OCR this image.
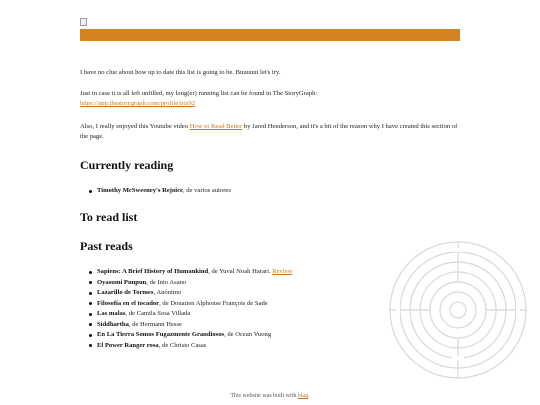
I have no clue about how up to date this list is going to be. Buuuuut let's try.
Just in case it is all left unfilled, my long(er) running list can be found in The StoryGraph:
https://app.thestorygraph.com/profile/iris92
Also, I really enjoyed this Youtube video How to Read Better by Jared Henderson, and it's a bit of the reason why I have created this section of the page.
Currently reading
Timothy McSweeney's Rejoice, de varios autores
To read list
Past reads
Sapiens: A Brief History of Humankind, de Yuval Noah Harari. Review
Oyasumi Punpun, de Inio Asano
Lazarillo de Tormes, Anónimo
Filosofía en el tocador, de Donatien Alphonse François de Sade
Las malas, de Camila Sosa Villada
Siddhartha, de Hermann Hesse
En La Tierra Somos Fugazmente Grandiosos, de Ocean Vuong
El Power Ranger rosa, de Christo Casas
This website was built with blag.
